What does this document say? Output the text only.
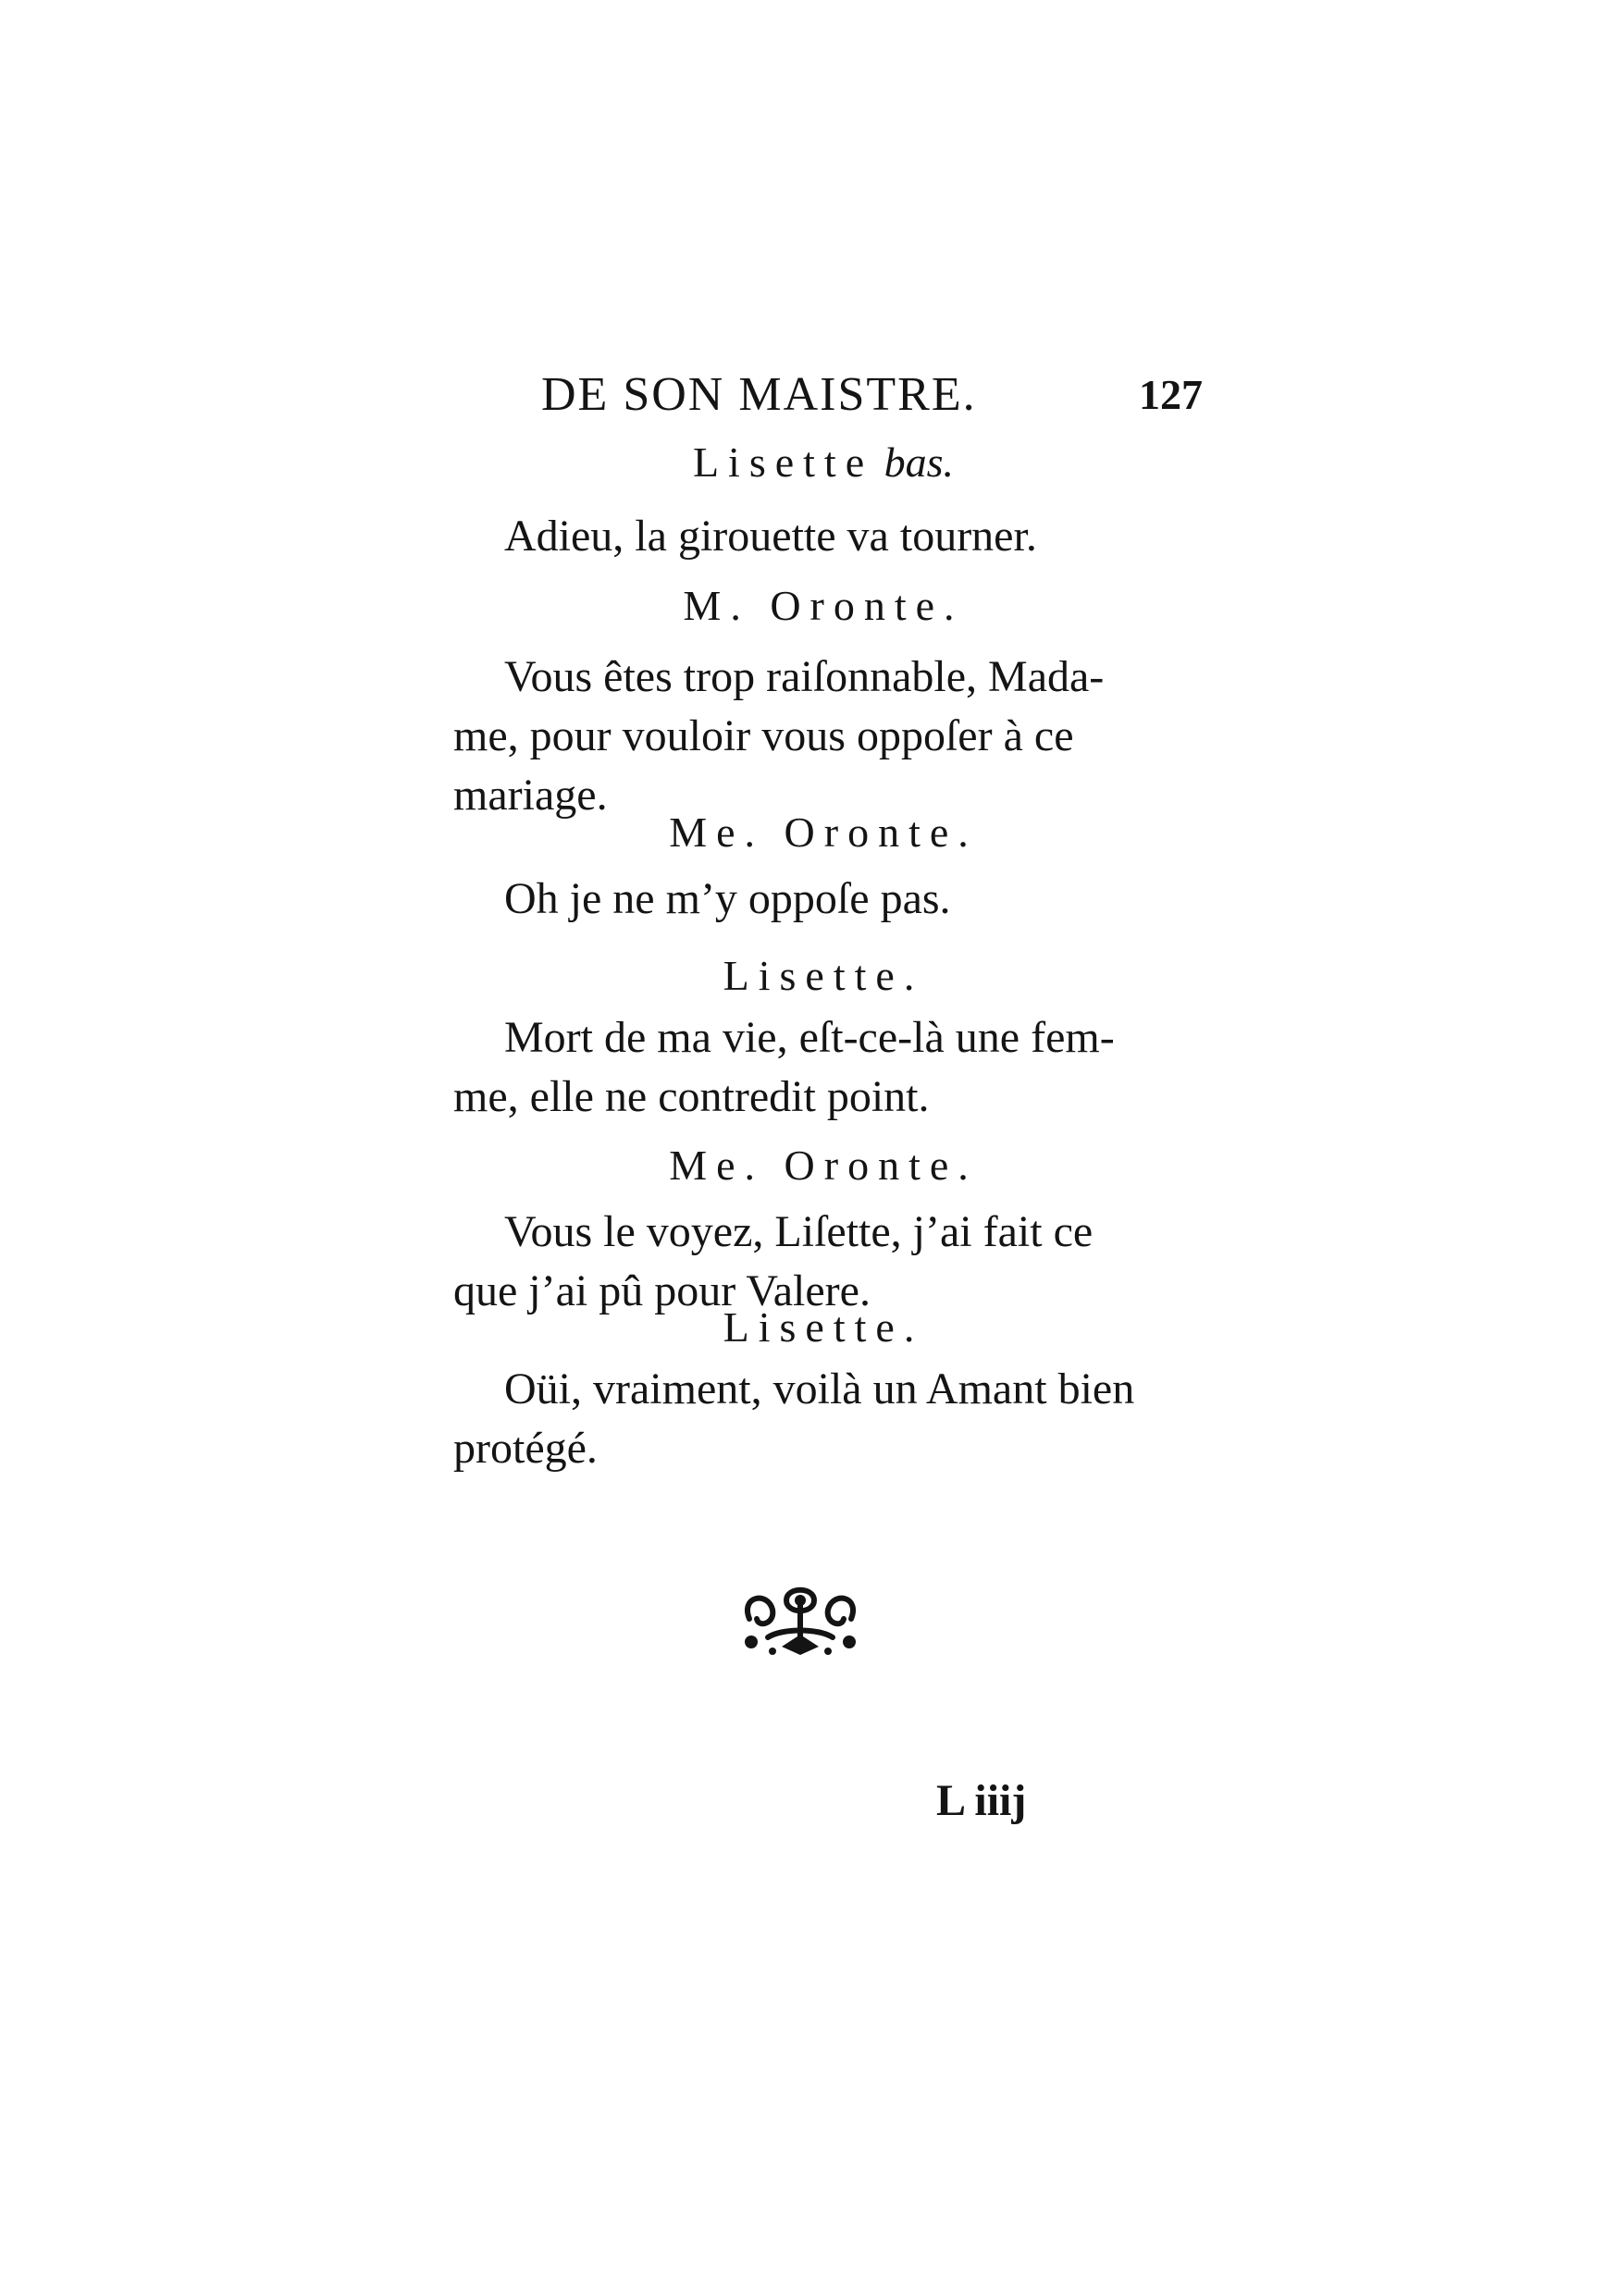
DE SON MAISTRE.	127
Lisette bas.

Adieu, la girouette va tourner.

M. Oronte.

Vous êtes trop raiſonnable, Mada-
me, pour vouloir vous oppoſer à ce
mariage.

Me. Oronte.

Oh je ne m’y oppoſe pas.

Lisette.

Mort de ma vie, eſt-ce-là une fem-
me, elle ne contredit point.

Me. Oronte.

Vous le voyez, Liſette, j’ai fait ce
que j’ai pû pour Valere.

Lisette.

Oüi, vraiment, voilà un Amant bien
protégé.

L iiij
